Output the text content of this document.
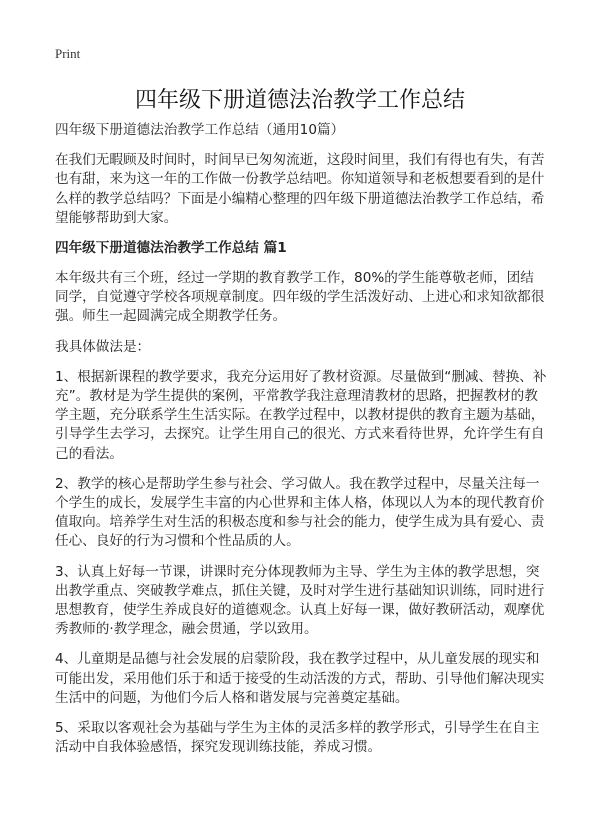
Print
四年级下册道德法治教学工作总结

四年级下册道德法治教学工作总结（通用10篇）

在我们无暇顾及时间时，时间早已匆匆流逝，这段时间里，我们有得也有失，有苦也有甜，来为这一年的工作做一份教学总结吧。你知道领导和老板想要看到的是什么样的教学总结吗？下面是小编精心整理的四年级下册道德法治教学工作总结，希望能够帮助到大家。

四年级下册道德法治教学工作总结 篇1

本年级共有三个班，经过一学期的教育教学工作，80%的学生能尊敬老师，团结同学，自觉遵守学校各项规章制度。四年级的学生活泼好动、上进心和求知欲都很强。师生一起圆满完成全期教学任务。

我具体做法是：

1、根据新课程的教学要求，我充分运用好了教材资源。尽量做到“删减、替换、补充”。教材是为学生提供的案例，平常教学我注意理清教材的思路，把握教材的教学主题，充分联系学生生活实际。在教学过程中，以教材提供的教育主题为基础，引导学生去学习，去探究。让学生用自己的很光、方式来看待世界，允许学生有自己的看法。

2、教学的核心是帮助学生参与社会、学习做人。我在教学过程中，尽量关注每一个学生的成长，发展学生丰富的内心世界和主体人格，体现以人为本的现代教育价值取向。培养学生对生活的积极态度和参与社会的能力，使学生成为具有爱心、责任心、良好的行为习惯和个性品质的人。

3、认真上好每一节课，讲课时充分体现教师为主导、学生为主体的教学思想，突出教学重点、突破教学难点，抓住关键，及时对学生进行基础知识训练，同时进行思想教育，使学生养成良好的道德观念。认真上好每一课，做好教研活动，观摩优秀教师的·教学理念，融会贯通，学以致用。

4、儿童期是品德与社会发展的启蒙阶段，我在教学过程中，从儿童发展的现实和可能出发，采用他们乐于和适于接受的生动活泼的方式，帮助、引导他们解决现实生活中的问题，为他们今后人格和谐发展与完善奠定基础。

5、采取以客观社会为基础与学生为主体的灵活多样的教学形式，引导学生在自主活动中自我体验感悟，探究发现训练技能，养成习惯。
